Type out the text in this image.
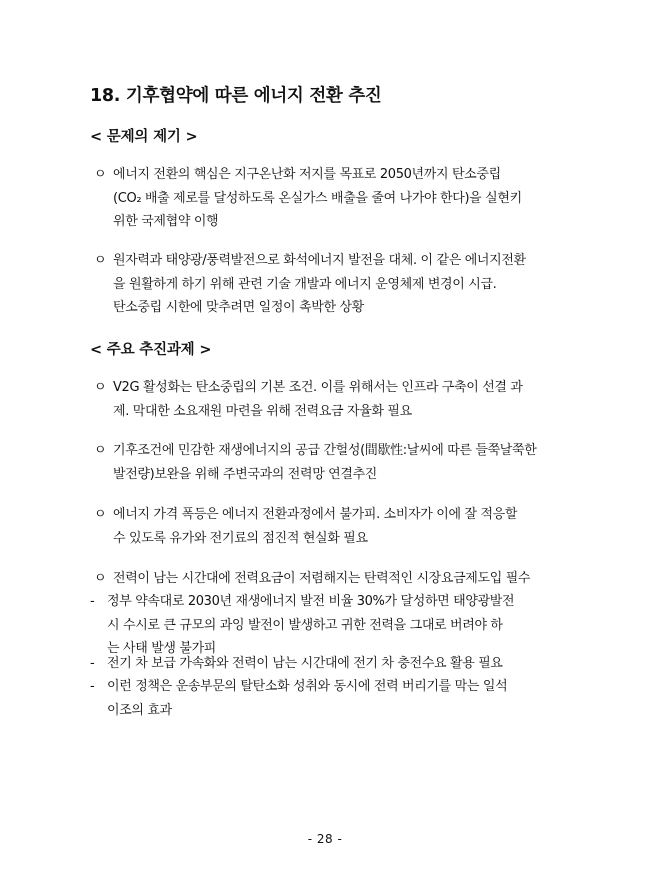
18. 기후협약에 따른 에너지 전환 추진
< 문제의 제기 >
ㅇ 에너지 전환의 핵심은 지구온난화 저지를 목표로 2050년까지 탄소중립
(CO₂ 배출 제로를 달성하도록 온실가스 배출을 줄여 나가야 한다)을 실현키
위한 국제협약 이행
ㅇ 원자력과 태양광/풍력발전으로 화석에너지 발전을 대체. 이 같은 에너지전환
을 원활하게 하기 위해 관련 기술 개발과 에너지 운영체제 변경이 시급.
탄소중립 시한에 맞추려면 일정이 촉박한 상황
< 주요 추진과제 >
ㅇ V2G 활성화는 탄소중립의 기본 조건. 이를 위해서는 인프라 구축이 선결 과
제. 막대한 소요재원 마련을 위해 전력요금 자율화 필요
ㅇ 기후조건에 민감한 재생에너지의 공급 간헐성(間歇性:날씨에 따른 들쭉날쭉한
발전량)보완을 위해 주변국과의 전력망 연결추진
ㅇ 에너지 가격 폭등은 에너지 전환과정에서 불가피. 소비자가 이에 잘 적응할
수 있도록 유가와 전기료의 점진적 현실화 필요
ㅇ 전력이 남는 시간대에 전력요금이 저렴해지는 탄력적인 시장요금제도입 필수
- 정부 약속대로 2030년 재생에너지 발전 비율 30%가 달성하면 태양광발전
시 수시로 큰 규모의 과잉 발전이 발생하고 귀한 전력을 그대로 버려야 하
는 사태 발생 불가피
- 전기 차 보급 가속화와 전력이 남는 시간대에 전기 차 충전수요 활용 필요
- 이런 정책은 운송부문의 탈탄소화 성취와 동시에 전력 버리기를 막는 일석
이조의 효과
- 28 -
